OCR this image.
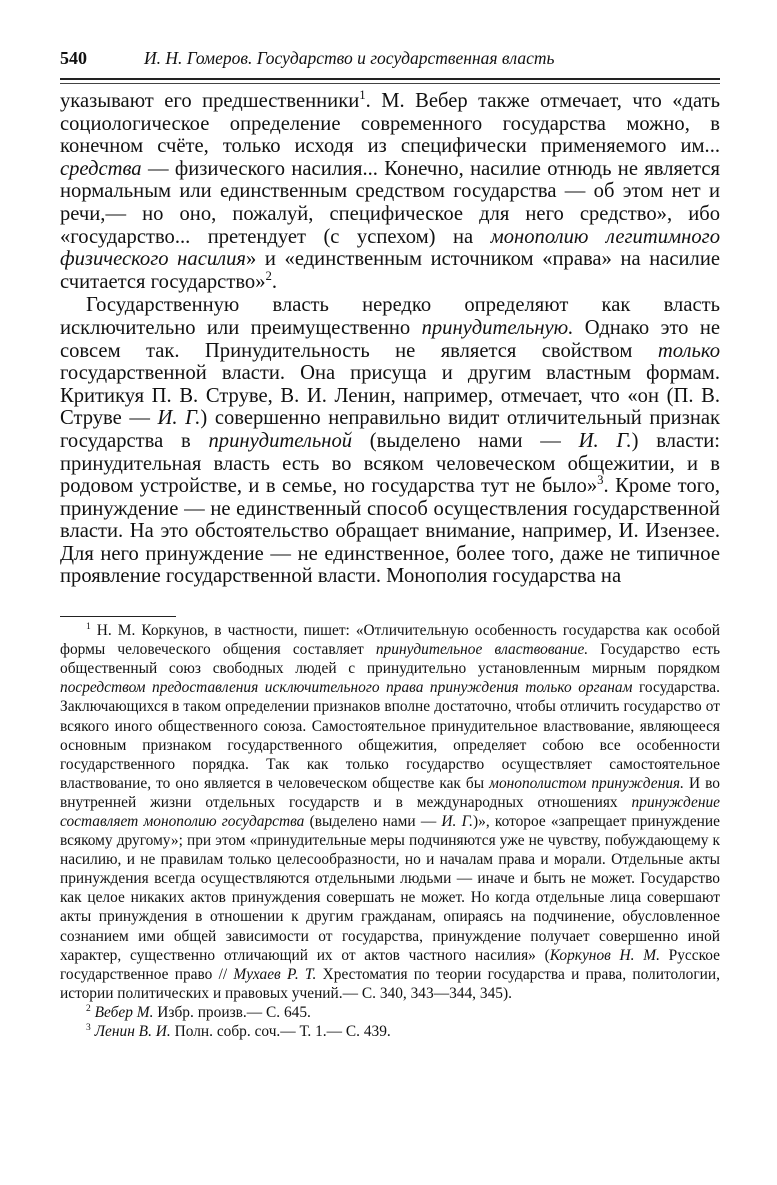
540	И. Н. Гомеров. Государство и государственная власть

указывают его предшественники$^1$. М. Вебер также отмечает, что «дать социологическое определение современного государства можно, в конечном счёте, только исходя из специфически применяемого им... средства — физического насилия... Конечно, насилие отнюдь не является нормальным или единственным средством государства — об этом нет и речи,— но оно, пожалуй, специфическое для него средство», ибо «государство... претендует (с успехом) на монополию легитимного физического насилия» и «единственным источником «права» на насилие считается государство»$^2$.

Государственную власть нередко определяют как власть исключительно или преимущественно принудительную. Однако это не совсем так. Принудительность не является свойством только государственной власти. Она присуща и другим властным формам. Критикуя П. В. Струве, В. И. Ленин, например, отмечает, что «он (П. В. Струве — И. Г.) совершенно неправильно видит отличительный признак государства в принудительной (выделено нами — И. Г.) власти: принудительная власть есть во всяком человеческом общежитии, и в родовом устройстве, и в семье, но государства тут не было»$^3$. Кроме того, принуждение — не единственный способ осуществления государственной власти. На это обстоятельство обращает внимание, например, И. Изензее. Для него принуждение — не единственное, более того, даже не типичное проявление государственной власти. Монополия государства на

$^1$ Н. М. Коркунов, в частности, пишет: «Отличительную особенность государства как особой формы человеческого общения составляет принудительное властвование. Государство есть общественный союз свободных людей с принудительно установленным мирным порядком посредством предоставления исключительного права принуждения только органам государства. Заключающихся в таком определении признаков вполне достаточно, чтобы отличить государство от всякого иного общественного союза. Самостоятельное принудительное властвование, являющееся основным признаком государственного общежития, определяет собою все особенности государственного порядка. Так как только государство осуществляет самостоятельное властвование, то оно является в человеческом обществе как бы монополистом принуждения. И во внутренней жизни отдельных государств и в международных отношениях принуждение составляет монополию государства (выделено нами — И. Г.)», которое «запрещает принуждение всякому другому»; при этом «принудительные меры подчиняются уже не чувству, побуждающему к насилию, и не правилам только целесообразности, но и началам права и морали. Отдельные акты принуждения всегда осуществляются отдельными людьми — иначе и быть не может. Государство как целое никаких актов принуждения совершать не может. Но когда отдельные лица совершают акты принуждения в отношении к другим гражданам, опираясь на подчинение, обусловленное сознанием ими общей зависимости от государства, принуждение получает совершенно иной характер, существенно отличающий их от актов частного насилия» (Коркунов Н. М. Русское государственное право // Мухаев Р. Т. Хрестоматия по теории государства и права, политологии, истории политических и правовых учений.— С. 340, 343—344, 345).

$^2$ Вебер М. Избр. произв.— С. 645.

$^3$ Ленин В. И. Полн. собр. соч.— Т. 1.— С. 439.
